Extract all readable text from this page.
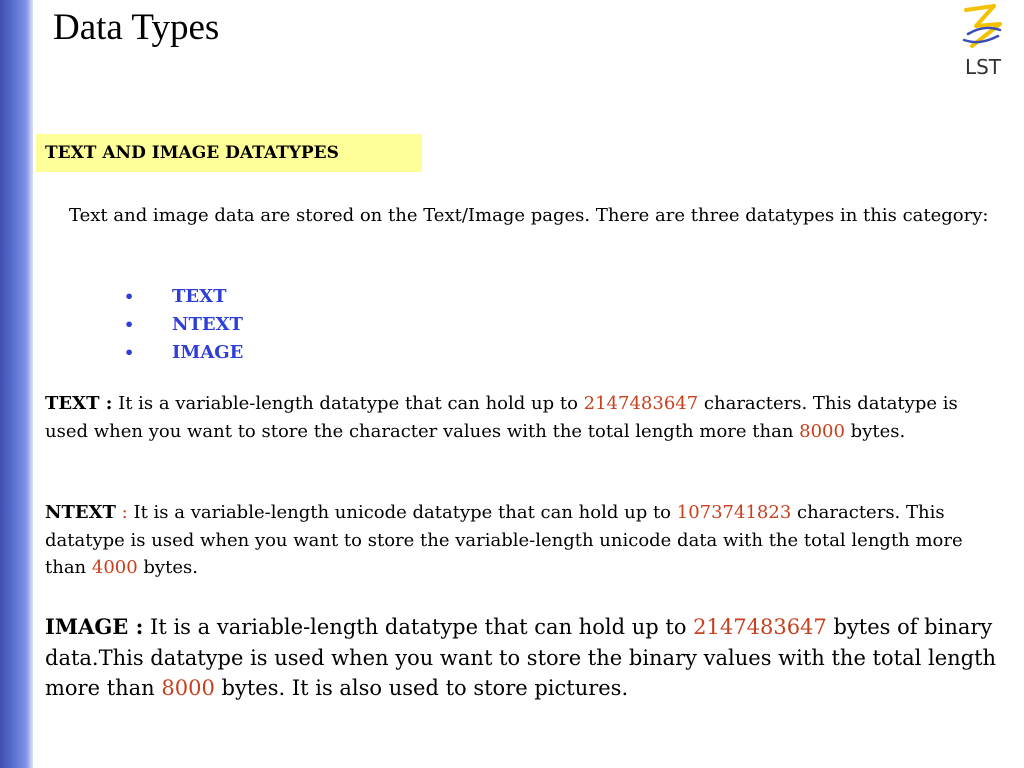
Data Types
LST
TEXT AND IMAGE DATATYPES
Text and image data are stored on the Text/Image pages. There are three datatypes in this category:
• TEXT
• NTEXT
• IMAGE
TEXT : It is a variable-length datatype that can hold up to 2147483647 characters. This datatype is used when you want to store the character values with the total length more than 8000 bytes.
NTEXT : It is a variable-length unicode datatype that can hold up to 1073741823 characters. This datatype is used when you want to store the variable-length unicode data with the total length more than 4000 bytes.
IMAGE : It is a variable-length datatype that can hold up to 2147483647 bytes of binary data.This datatype is used when you want to store the binary values with the total length more than 8000 bytes. It is also used to store pictures.
